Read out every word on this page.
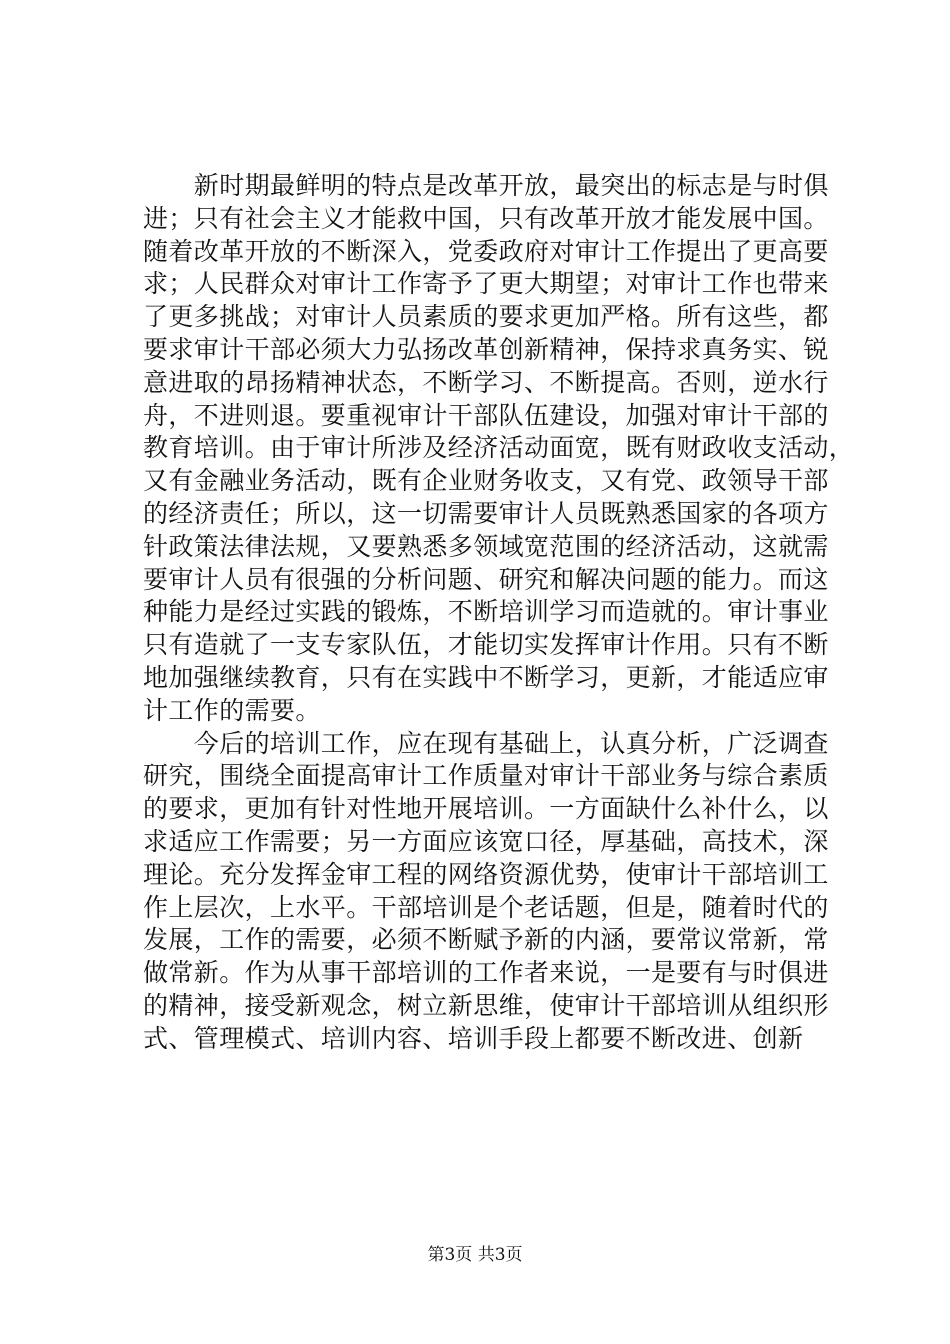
　　新时期最鲜明的特点是改革开放，最突出的标志是与时俱
进；只有社会主义才能救中国，只有改革开放才能发展中国。
随着改革开放的不断深入，党委政府对审计工作提出了更高要
求；人民群众对审计工作寄予了更大期望；对审计工作也带来
了更多挑战；对审计人员素质的要求更加严格。所有这些，都
要求审计干部必须大力弘扬改革创新精神，保持求真务实、锐
意进取的昂扬精神状态，不断学习、不断提高。否则，逆水行
舟，不进则退。要重视审计干部队伍建设，加强对审计干部的
教育培训。由于审计所涉及经济活动面宽，既有财政收支活动，
又有金融业务活动，既有企业财务收支，又有党、政领导干部
的经济责任；所以，这一切需要审计人员既熟悉国家的各项方
针政策法律法规，又要熟悉多领域宽范围的经济活动，这就需
要审计人员有很强的分析问题、研究和解决问题的能力。而这
种能力是经过实践的锻炼，不断培训学习而造就的。审计事业
只有造就了一支专家队伍，才能切实发挥审计作用。只有不断
地加强继续教育，只有在实践中不断学习，更新，才能适应审
计工作的需要。
　　今后的培训工作，应在现有基础上，认真分析，广泛调查
研究，围绕全面提高审计工作质量对审计干部业务与综合素质
的要求，更加有针对性地开展培训。一方面缺什么补什么，以
求适应工作需要；另一方面应该宽口径，厚基础，高技术，深
理论。充分发挥金审工程的网络资源优势，使审计干部培训工
作上层次，上水平。干部培训是个老话题，但是，随着时代的
发展，工作的需要，必须不断赋予新的内涵，要常议常新，常
做常新。作为从事干部培训的工作者来说，一是要有与时俱进
的精神，接受新观念，树立新思维，使审计干部培训从组织形
式、管理模式、培训内容、培训手段上都要不断改进、创新
第3页 共3页
